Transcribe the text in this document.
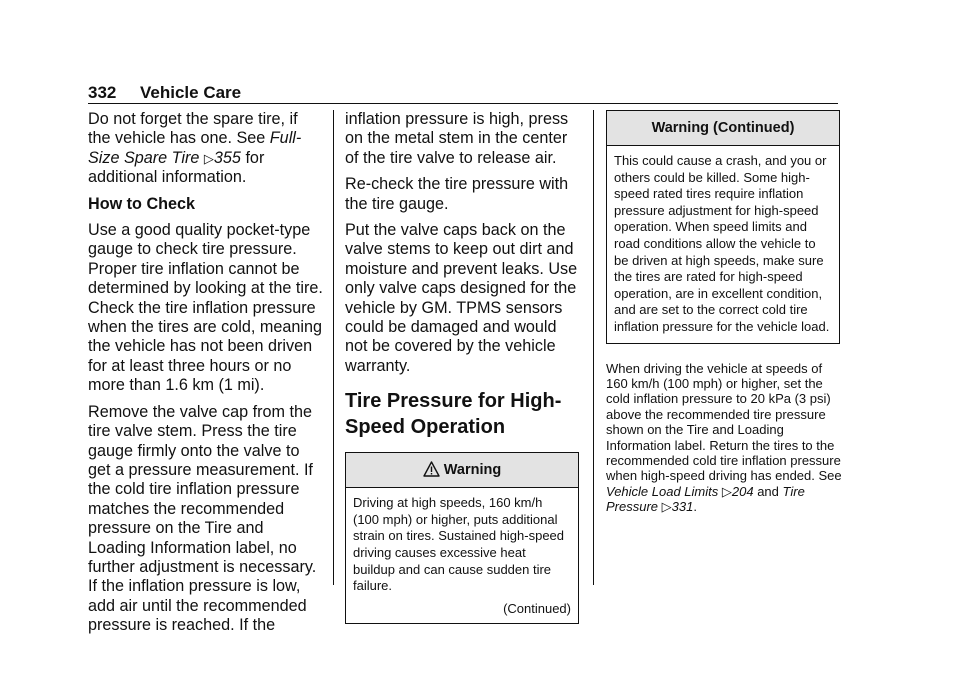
332 Vehicle Care

Do not forget the spare tire, if the vehicle has one. See Full-Size Spare Tire ▷355 for additional information.

How to Check

Use a good quality pocket-type gauge to check tire pressure. Proper tire inflation cannot be determined by looking at the tire. Check the tire inflation pressure when the tires are cold, meaning the vehicle has not been driven for at least three hours or no more than 1.6 km (1 mi).

Remove the valve cap from the tire valve stem. Press the tire gauge firmly onto the valve to get a pressure measurement. If the cold tire inflation pressure matches the recommended pressure on the Tire and Loading Information label, no further adjustment is necessary. If the inflation pressure is low, add air until the recommended pressure is reached. If the

inflation pressure is high, press on the metal stem in the center of the tire valve to release air.

Re-check the tire pressure with the tire gauge.

Put the valve caps back on the valve stems to keep out dirt and moisture and prevent leaks. Use only valve caps designed for the vehicle by GM. TPMS sensors could be damaged and would not be covered by the vehicle warranty.

Tire Pressure for High-Speed Operation
Warning
Driving at high speeds, 160 km/h (100 mph) or higher, puts additional strain on tires. Sustained high-speed driving causes excessive heat buildup and can cause sudden tire failure.
(Continued)
Warning (Continued)
This could cause a crash, and you or others could be killed. Some high-speed rated tires require inflation pressure adjustment for high-speed operation. When speed limits and road conditions allow the vehicle to be driven at high speeds, make sure the tires are rated for high-speed operation, are in excellent condition, and are set to the correct cold tire inflation pressure for the vehicle load.

When driving the vehicle at speeds of 160 km/h (100 mph) or higher, set the cold inflation pressure to 20 kPa (3 psi) above the recommended tire pressure shown on the Tire and Loading Information label. Return the tires to the recommended cold tire inflation pressure when high-speed driving has ended. See Vehicle Load Limits ▷204 and Tire Pressure ▷331.
